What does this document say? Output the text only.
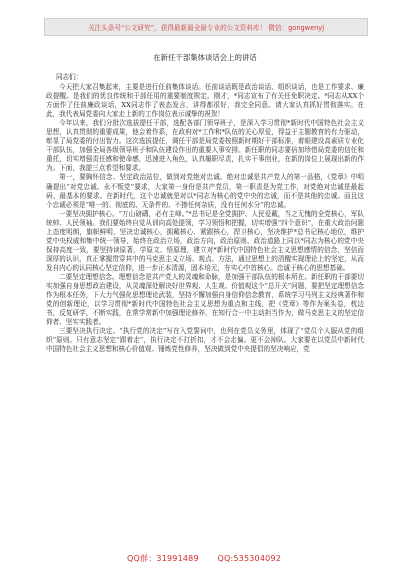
关注头条号“公文研究”，获得最新最全最专业的公文资料库！ 微信：gongwenyj
在新任干部集体谈话会上的讲话
同志们：

今天把大家召集起来，主要是进行任前集体谈话。任前谈话既是政治谈话、组织谈话，也是工作要求、廉政提醒。是我们的优良传统和干部任用的重要制度规定。刚才，*同志宣布了有关任免职决定。*同志从XX个方面作了任前廉政谈话，XX同志作了表态发言，讲得都很好，我完全同意。请大家认真抓好贯彻落实。在此，我代表局党委向大家走上新的工作岗位表示诚挚的祝贺！

今年以来，我们分批次选拔提任干部，选配各部门领导班子，是深入学习贯彻*新时代中国特色社会主义思想，认真贯彻的重要成果，他会着作系，在政府对*工作和*队伍的关心厚爱，得益于主题教育的有力驱动，彰显了局党委的付出智力。这次选拔提任，调任干部是局党委按照新时期好干部标准，着眼建设高素质专业化干部队伍，加强全局各级领导班子和队伍建设作出的重要人事安排。新任职的同志要倍加珍惜局党委的信任和重托，切实增强责任感和使命感，迅速进入角色，认真履职尽责，扎实干事创业，在新的岗位上展现出新的作为。下面，我提三点希望和要求。

第一，要胸怀信念、坚定政治站位，做到对党绝对忠诚。绝对忠诚是共产党人的第一品格，《党章》中明确提出“对党忠诚、永不叛党”要求，大家第一身份是共产党员，第一职责是为党工作，对党绝对忠诚是最起码、最基本的要求。在新时代，这个忠诚就是对以*同志为核心的党中央的忠诚，而不是其他的忠诚。而且这个忠诚必须是“唯一的、彻底的、无条件的、不掺任何杂质，没有任何水分”的忠诚。

一要坚决拥护核心。“万山磅礴，必有主峰。”*总书记是全党拥护、人民爱戴，当之无愧的全党核心，军队统帅、人民领袖。我们要始终自觉从训向高处提领，学习领悟和把握，切实增强“四个意识”，在重大政治问题上态度明朗，旗帜鲜明，坚决忠诚核心，拥戴核心、紧跟核心，捍卫核心，坚决维护*总书记核心地位，维护党中央权威和集中统一领导，始终在政治立场，政治方向，政治原则、政治道路上同以*同志为核心的党中央保持高度一致，要坚持读原著，学原文、悟原理，建立对*新时代中国特色社会主义思想感情的信念，坚信而深厚的认识，真正掌握贯穿其中的马克思主义立场、观点、方法，通过思想上的清醒实现理论上的坚定，从而发自内心的认同核心坚定信仰，进一步正本清源，固本培元，夯实心中首核心。忠诚于核心的思想基础。

二要坚定理想信念。理想信念是共产党人的灵魂和命脉，是加强干部队伍的根本所在。新任职的干部要切实加强自身思想政治建设，从灵魂深处解决好世界观、人生观、价值观这个“总开关”问题，要把坚定理想信念作为根本任务，下大力气强化思想理论武装，坚持不懈加强自身信仰信念教育，系统学习马列主义经典著作和党的创新理论，以学习贯彻*新时代中国特色社会主义思想为重点和主线，把《党章》等作为案头卷，枕边书，反复研学，不断实践，在常学常新中加强理论修养，在知行合一中主动担当作为，做马克思主义的坚定信仰者、坚实实践者。

三要坚决执行决定。“执行党的决定”写在入党誓词中，也列在党员义务里，体现了“党员个人服从党的组织”原则。只有意志坚定“跟着走”，执行决定不打折扣，才不会走偏。更不会掉队。大家要在以党员中新时代中国特色社会主义思想和核心价值观、锤炼党性修养，坚决做到党中央提倡的坚决响应，党

QQ群：31991489 QQ:535304092
